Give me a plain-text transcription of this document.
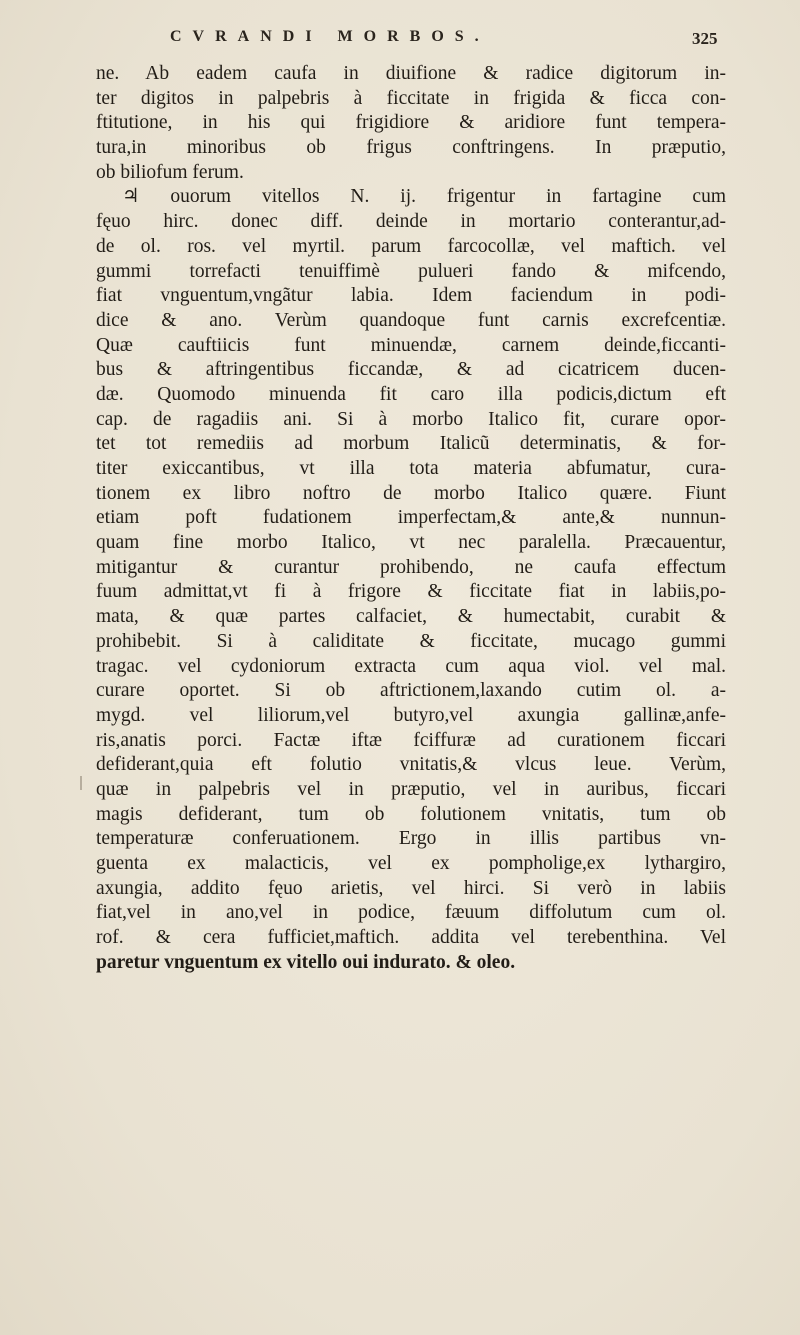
CVRANDI MORBOS.	325
ne. Ab eadem caufa in diuifione & radice digitorum in-
ter digitos in palpebris à ficcitate in frigida & ficca con-
ftitutione, in his qui frigidiore & aridiore funt tempera-
tura,in minoribus ob frigus conftringens. In præputio,
ob biliofum ferum.
♃ ouorum vitellos N. ij. frigentur in fartagine cum
fęuo hirc. donec diff. deinde in mortario conterantur,ad-
de ol. ros. vel myrtil. parum farcocollæ, vel maftich. vel
gummi torrefacti tenuiffimè pulueri fando & mifcendo,
fiat vnguentum,vngãtur labia. Idem faciendum in podi-
dice & ano. Verùm quandoque funt carnis excrefcentiæ.
Quæ cauftiicis funt minuendæ, carnem deinde,ficcanti-
bus & aftringentibus ficcandæ, & ad cicatricem ducen-
dæ. Quomodo minuenda fit caro illa podicis,dictum eft
cap. de ragadiis ani. Si à morbo Italico fit, curare opor-
tet tot remediis ad morbum Italicũ determinatis, & for-
titer exiccantibus, vt illa tota materia abfumatur, cura-
tionem ex libro noftro de morbo Italico quære. Fiunt
etiam poft fudationem imperfectam,& ante,& nunnun-
quam fine morbo Italico, vt nec paralella. Præcauentur,
mitigantur & curantur prohibendo, ne caufa effectum
fuum admittat,vt fi à frigore & ficcitate fiat in labiis,po-
mata, & quæ partes calfaciet, & humectabit, curabit &
prohibebit. Si à caliditate & ficcitate, mucago gummi
tragac. vel cydoniorum extracta cum aqua viol. vel mal.
curare oportet. Si ob aftrictionem,laxando cutim ol. a-
mygd. vel liliorum,vel butyro,vel axungia gallinæ,anfe-
ris,anatis porci. Factæ iftæ fciffuræ ad curationem ficcari
defiderant,quia eft folutio vnitatis,& vlcus leue. Verùm,
quæ in palpebris vel in præputio, vel in auribus, ficcari
magis defiderant, tum ob folutionem vnitatis, tum ob
temperaturæ conferuationem. Ergo in illis partibus vn-
guenta ex malacticis, vel ex pompholige,ex lythargiro,
axungia, addito fęuo arietis, vel hirci. Si verò in labiis
fiat,vel in ano,vel in podice, fæuum diffolutum cum ol.
rof. & cera fufficiet,maftich. addita vel terebenthina. Vel
paretur vnguentum ex vitello oui indurato. & oleo.
